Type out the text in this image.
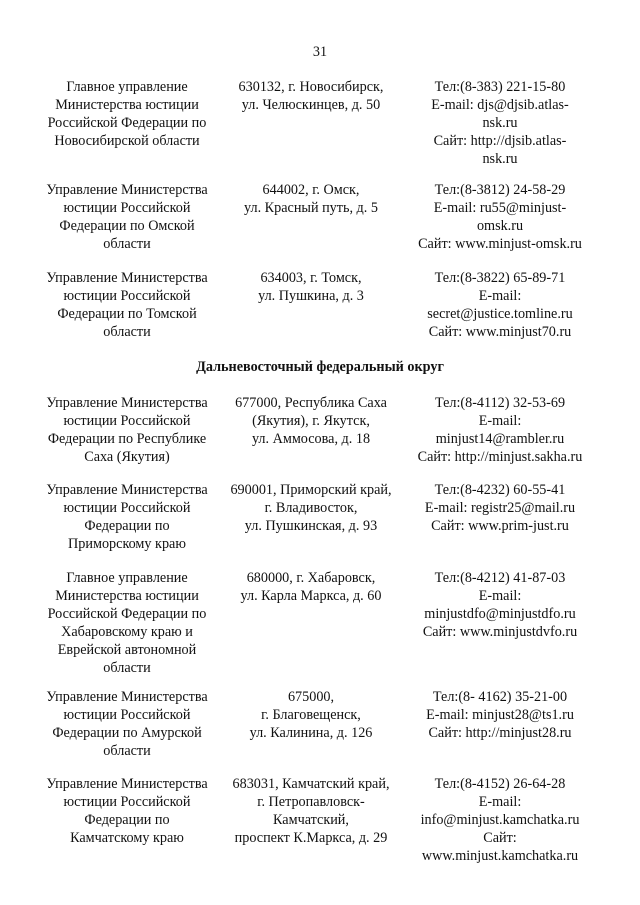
31
Главное управление
Министерства юстиции
Российской Федерации по
Новосибирской области
630132, г. Новосибирск,
ул. Челюскинцев, д. 50
Тел:(8-383) 221-15-80
E-mail: djs@djsib.atlas-
nsk.ru
Сайт: http://djsib.atlas-
nsk.ru
Управление Министерства
юстиции Российской
Федерации по Омской
области
644002, г. Омск,
ул. Красный путь, д. 5
Тел:(8-3812) 24-58-29
E-mail: ru55@minjust-
omsk.ru
Сайт: www.minjust-omsk.ru
Управление Министерства
юстиции Российской
Федерации по Томской
области
634003, г. Томск,
ул. Пушкина, д. 3
Тел:(8-3822) 65-89-71
E-mail:
secret@justice.tomline.ru
Сайт: www.minjust70.ru
Дальневосточный федеральный округ
Управление Министерства
юстиции Российской
Федерации по Республике
Саха (Якутия)
677000, Республика Саха
(Якутия), г. Якутск,
ул. Аммосова, д. 18
Тел:(8-4112) 32-53-69
E-mail:
minjust14@rambler.ru
Сайт: http://minjust.sakha.ru
Управление Министерства
юстиции Российской
Федерации по
Приморскому краю
690001, Приморский край,
г. Владивосток,
ул. Пушкинская, д. 93
Тел:(8-4232) 60-55-41
E-mail: registr25@mail.ru
Сайт: www.prim-just.ru
Главное управление
Министерства юстиции
Российской Федерации по
Хабаровскому краю и
Еврейской автономной
области
680000, г. Хабаровск,
ул. Карла Маркса, д. 60
Тел:(8-4212) 41-87-03
E-mail:
minjustdfo@minjustdfo.ru
Сайт: www.minjustdvfo.ru
Управление Министерства
юстиции Российской
Федерации по Амурской
области
675000,
г. Благовещенск,
ул. Калинина, д. 126
Тел:(8- 4162) 35-21-00
E-mail: minjust28@ts1.ru
Сайт: http://minjust28.ru
Управление Министерства
юстиции Российской
Федерации по
Камчатскому краю
683031, Камчатский край,
г. Петропавловск-
Камчатский,
проспект К.Маркса, д. 29
Тел:(8-4152) 26-64-28
E-mail:
info@minjust.kamchatka.ru
Сайт:
www.minjust.kamchatka.ru
